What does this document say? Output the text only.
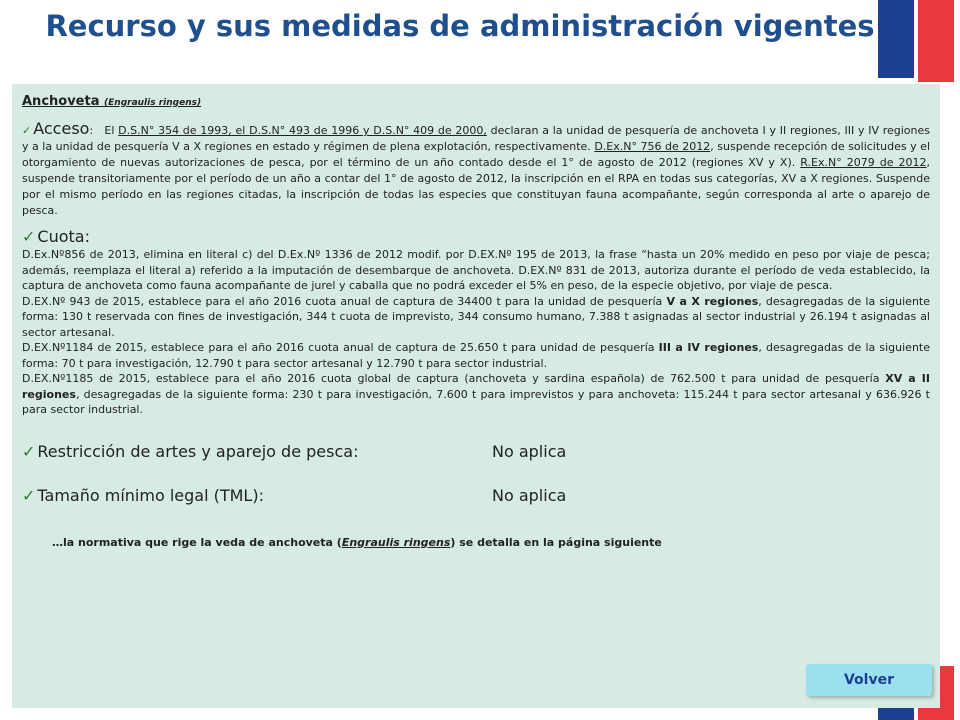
Recurso y sus medidas de administración vigentes
Anchoveta (Engraulis ringens)

✓ Acceso:   El D.S.N° 354 de 1993, el D.S.N° 493 de 1996 y D.S.N° 409 de 2000, declaran a la unidad de pesquería de anchoveta I y II regiones, III y IV regiones y a la unidad de pesquería V a X regiones en estado y régimen de plena explotación, respectivamente. D.Ex.N° 756 de 2012, suspende recepción de solicitudes y el otorgamiento de nuevas autorizaciones de pesca, por el término de un año contado desde el 1° de agosto de 2012 (regiones XV y X). R.Ex.N° 2079 de 2012, suspende transitoriamente por el período de un año a contar del 1° de agosto de 2012, la inscripción en el RPA en todas sus categorías, XV a X regiones. Suspende por el mismo período en las regiones citadas, la inscripción de todas las especies que constituyan fauna acompañante, según corresponda al arte o aparejo de pesca.

✓ Cuota:

D.Ex.Nº856 de 2013, elimina en literal c) del D.Ex.Nº 1336 de 2012 modif. por D.EX.Nº 195 de 2013, la frase “hasta un 20% medido en peso por viaje de pesca; además, reemplaza el literal a) referido a la imputación de desembarque de anchoveta. D.EX.Nº 831 de 2013, autoriza durante el período de veda establecido, la captura de anchoveta como fauna acompañante de jurel y caballa que no podrá exceder el 5% en peso, de la especie objetivo, por viaje de pesca.

D.EX.Nº 943 de 2015, establece para el año 2016 cuota anual de captura de 34400 t para la unidad de pesquería V a X regiones, desagregadas de la siguiente forma: 130 t reservada con fines de investigación, 344 t cuota de imprevisto, 344 consumo humano, 7.388 t asignadas al sector industrial y 26.194 t asignadas al sector artesanal.

D.EX.Nº1184 de 2015, establece para el año 2016 cuota anual de captura de 25.650 t para unidad de pesquería III a IV regiones, desagregadas de la siguiente forma: 70 t para investigación, 12.790 t para sector artesanal y 12.790 t para sector industrial.

D.EX.Nº1185 de 2015, establece para el año 2016 cuota global de captura (anchoveta y sardina española) de 762.500 t para unidad de pesquería XV a II regiones, desagregadas de la siguiente forma: 230 t para investigación, 7.600 t para imprevistos y para anchoveta: 115.244 t para sector artesanal y 636.926 t para sector industrial.

✓ Restricción de artes y aparejo de pesca:	No aplica
✓ Tamaño mínimo legal (TML):	No aplica
…la normativa que rige la veda de anchoveta (Engraulis ringens) se detalla en la página siguiente
Volver
